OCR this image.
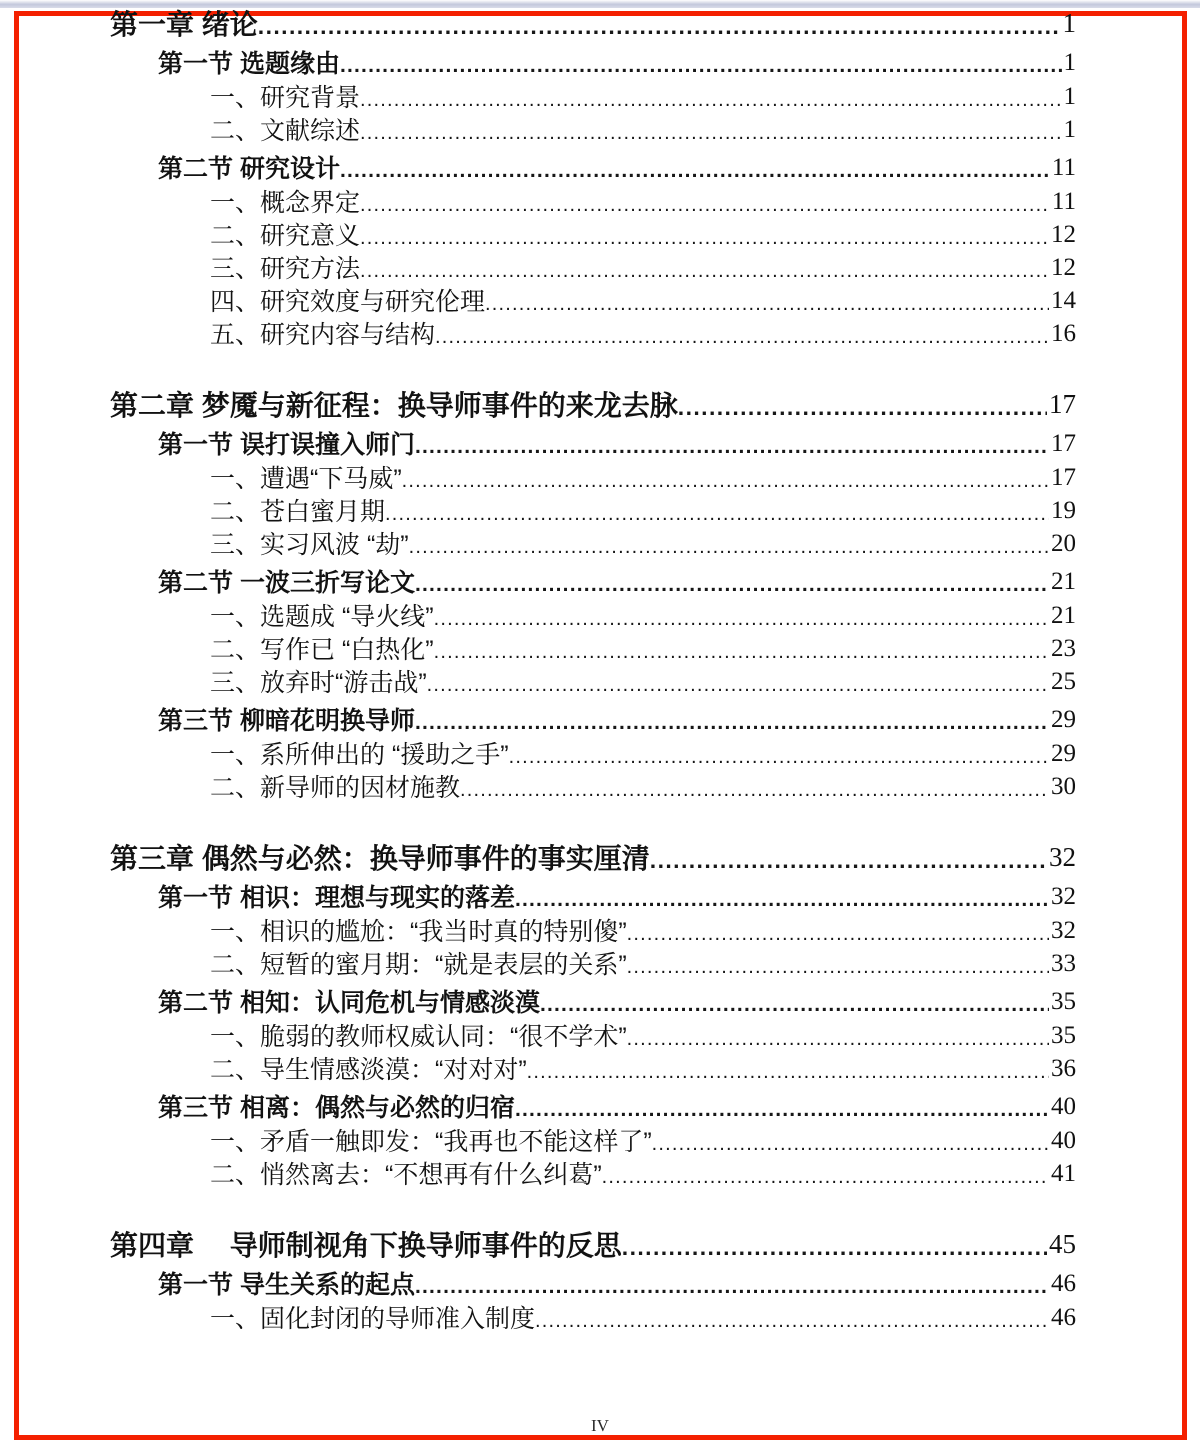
第一章 绪论 .....	1
第一节 选题缘由 .....	1
一、研究背景 .....	1
二、文献综述 .....	1
第二节 研究设计 .....	11
一、概念界定 .....	11
二、研究意义 .....	12
三、研究方法 .....	12
四、研究效度与研究伦理 .....	14
五、研究内容与结构 .....	16
第二章 梦魇与新征程：换导师事件的来龙去脉 .....	17
第一节 误打误撞入师门 .....	17
一、遭遇“下马威” .....	17
二、苍白蜜月期 .....	19
三、实习风波 “劫” .....	20
第二节 一波三折写论文 .....	21
一、选题成 “导火线” .....	21
二、写作已 “白热化” .....	23
三、放弃时“游击战” .....	25
第三节 柳暗花明换导师 .....	29
一、系所伸出的 “援助之手” .....	29
二、新导师的因材施教 .....	30
第三章 偶然与必然：换导师事件的事实厘清 .....	32
第一节 相识：理想与现实的落差 .....	32
一、相识的尴尬：“我当时真的特别傻” .....	32
二、短暂的蜜月期：“就是表层的关系” .....	33
第二节 相知：认同危机与情感淡漠 .....	35
一、脆弱的教师权威认同：“很不学术” .....	35
二、导生情感淡漠：“对对对” .....	36
第三节 相离：偶然与必然的归宿 .....	40
一、矛盾一触即发：“我再也不能这样了” .....	40
二、悄然离去：“不想再有什么纠葛” .....	41
第四章　 导师制视角下换导师事件的反思 .....	45
第一节 导生关系的起点 .....	46
一、固化封闭的导师准入制度 .....	46
IV
